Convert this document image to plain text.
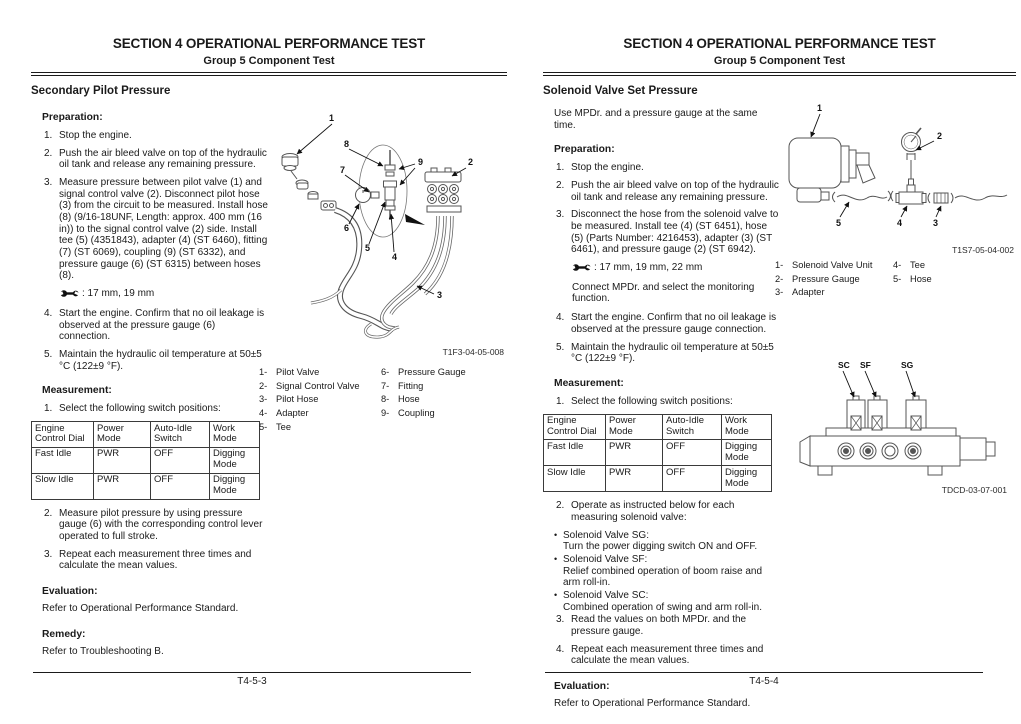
SECTION 4 OPERATIONAL PERFORMANCE TEST
Group 5 Component Test
Secondary Pilot Pressure
Preparation:
1. Stop the engine.
2. Push the air bleed valve on top of the hydraulic oil tank and release any remaining pressure.
3. Measure pressure between pilot valve (1) and signal control valve (2). Disconnect pilot hose (3) from the circuit to be measured. Install hose (8) (9/16-18UNF, Length: approx. 400 mm (16 in)) to the signal control valve (2) side. Install tee (5) (4351843), adapter (4) (ST 6460), fitting (7) (ST 6069), coupling (9) (ST 6332), and pressure gauge (6) (ST 6315) between hoses (8).
: 17 mm, 19 mm
4. Start the engine. Confirm that no oil leakage is observed at the pressure gauge (6) connection.
5. Maintain the hydraulic oil temperature at 50±5 °C (122±9 °F).
Measurement:
1. Select the following switch positions:
Engine Control Dial	Power Mode	Auto-Idle Switch	Work Mode
Fast Idle	PWR	OFF	Digging Mode
Slow Idle	PWR	OFF	Digging Mode
2. Measure pilot pressure by using pressure gauge (6) with the corresponding control lever operated to full stroke.
3. Repeat each measurement three times and calculate the mean values.
Evaluation:
Refer to Operational Performance Standard.
Remedy:
Refer to Troubleshooting B.
1
8
9
7
2
6
5
4
3
T1F3-04-05-008
1- Pilot Valve
2- Signal Control Valve
3- Pilot Hose
4- Adapter
5- Tee
6- Pressure Gauge
7- Fitting
8- Hose
9- Coupling
T4-5-3
SECTION 4 OPERATIONAL PERFORMANCE TEST
Group 5 Component Test
Solenoid Valve Set Pressure
Use MPDr. and a pressure gauge at the same time.
Preparation:
1. Stop the engine.
2. Push the air bleed valve on top of the hydraulic oil tank and release any remaining pressure.
3. Disconnect the hose from the solenoid valve to be measured. Install tee (4) (ST 6451), hose (5) (Parts Number: 4216453), adapter (3) (ST 6461), and pressure gauge (2) (ST 6942).
: 17 mm, 19 mm, 22 mm
Connect MPDr. and select the monitoring function.
4. Start the engine. Confirm that no oil leakage is observed at the pressure gauge connection.
5. Maintain the hydraulic oil temperature at 50±5 °C (122±9 °F).
Measurement:
1. Select the following switch positions:
Engine Control Dial	Power Mode	Auto-Idle Switch	Work Mode
Fast Idle	PWR	OFF	Digging Mode
Slow Idle	PWR	OFF	Digging Mode
2. Operate as instructed below for each measuring solenoid valve:
•
Solenoid Valve SG:
Turn the power digging switch ON and OFF.
•
Solenoid Valve SF:
Relief combined operation of boom raise and arm roll-in.
•
Solenoid Valve SC:
Combined operation of swing and arm roll-in.
3. Read the values on both MPDr. and the pressure gauge.
4. Repeat each measurement three times and calculate the mean values.
Evaluation:
Refer to Operational Performance Standard.
1
2
5	4	3
T1S7-05-04-002
1- Solenoid Valve Unit
2- Pressure Gauge
3- Adapter
4- Tee
5- Hose
SC SF	SG
TDCD-03-07-001
T4-5-4
